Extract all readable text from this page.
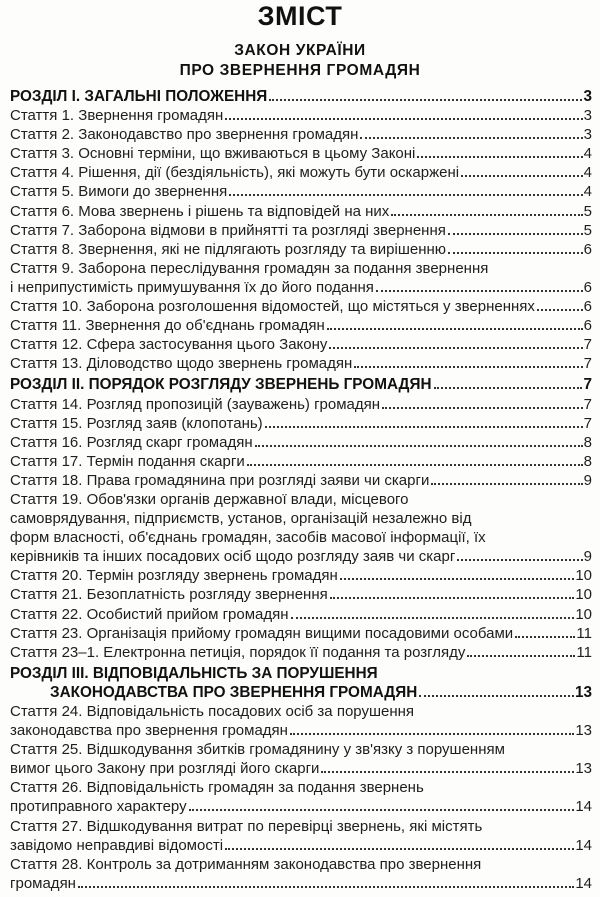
ЗМІСТ
ЗАКОН УКРАЇНИ
ПРО ЗВЕРНЕННЯ ГРОМАДЯН
РОЗДІЛ І. ЗАГАЛЬНІ ПОЛОЖЕННЯ	3
Стаття 1. Звернення громадян	3
Стаття 2. Законодавство про звернення громадян	3
Стаття 3. Основні терміни, що вживаються в цьому Законі	4
Стаття 4. Рішення, дії (бездіяльність), які можуть бути оскаржені	4
Стаття 5. Вимоги до звернення	4
Стаття 6. Мова звернень і рішень та відповідей на них	5
Стаття 7. Заборона відмови в прийнятті та розгляді звернення	5
Стаття 8. Звернення, які не підлягають розгляду та вирішенню	6
Стаття 9. Заборона переслідування громадян за подання звернення
і неприпустимість примушування їх до його подання	6
Стаття 10. Заборона розголошення відомостей, що містяться у зверненнях	6
Стаття 11. Звернення до об'єднань громадян	6
Стаття 12. Сфера застосування цього Закону	7
Стаття 13. Діловодство щодо звернень громадян	7
РОЗДІЛ ІІ. ПОРЯДОК РОЗГЛЯДУ ЗВЕРНЕНЬ ГРОМАДЯН	7
Стаття 14. Розгляд пропозицій (зауважень) громадян	7
Стаття 15. Розгляд заяв (клопотань)	7
Стаття 16. Розгляд скарг громадян	8
Стаття 17. Термін подання скарги	8
Стаття 18. Права громадянина при розгляді заяви чи скарги	9
Стаття 19. Обов'язки органів державної влади, місцевого
самоврядування, підприємств, установ, організацій незалежно від
форм власності, об'єднань громадян, засобів масової інформації, їх
керівників та інших посадових осіб щодо розгляду заяв чи скарг	9
Стаття 20. Термін розгляду звернень громадян	10
Стаття 21. Безоплатність розгляду звернення	10
Стаття 22. Особистий прийом громадян	10
Стаття 23. Організація прийому громадян вищими посадовими особами	11
Стаття 23–1. Електронна петиція, порядок її подання та розгляду	11
РОЗДІЛ ІІІ. ВІДПОВІДАЛЬНІСТЬ ЗА ПОРУШЕННЯ
ЗАКОНОДАВСТВА ПРО ЗВЕРНЕННЯ ГРОМАДЯН	13
Стаття 24. Відповідальність посадових осіб за порушення
законодавства про звернення громадян	13
Стаття 25. Відшкодування збитків громадянину у зв'язку з порушенням
вимог цього Закону при розгляді його скарги	13
Стаття 26. Відповідальність громадян за подання звернень
протиправного характеру	14
Стаття 27. Відшкодування витрат по перевірці звернень, які містять
завідомо неправдиві відомості	14
Стаття 28. Контроль за дотриманням законодавства про звернення
громадян	14
